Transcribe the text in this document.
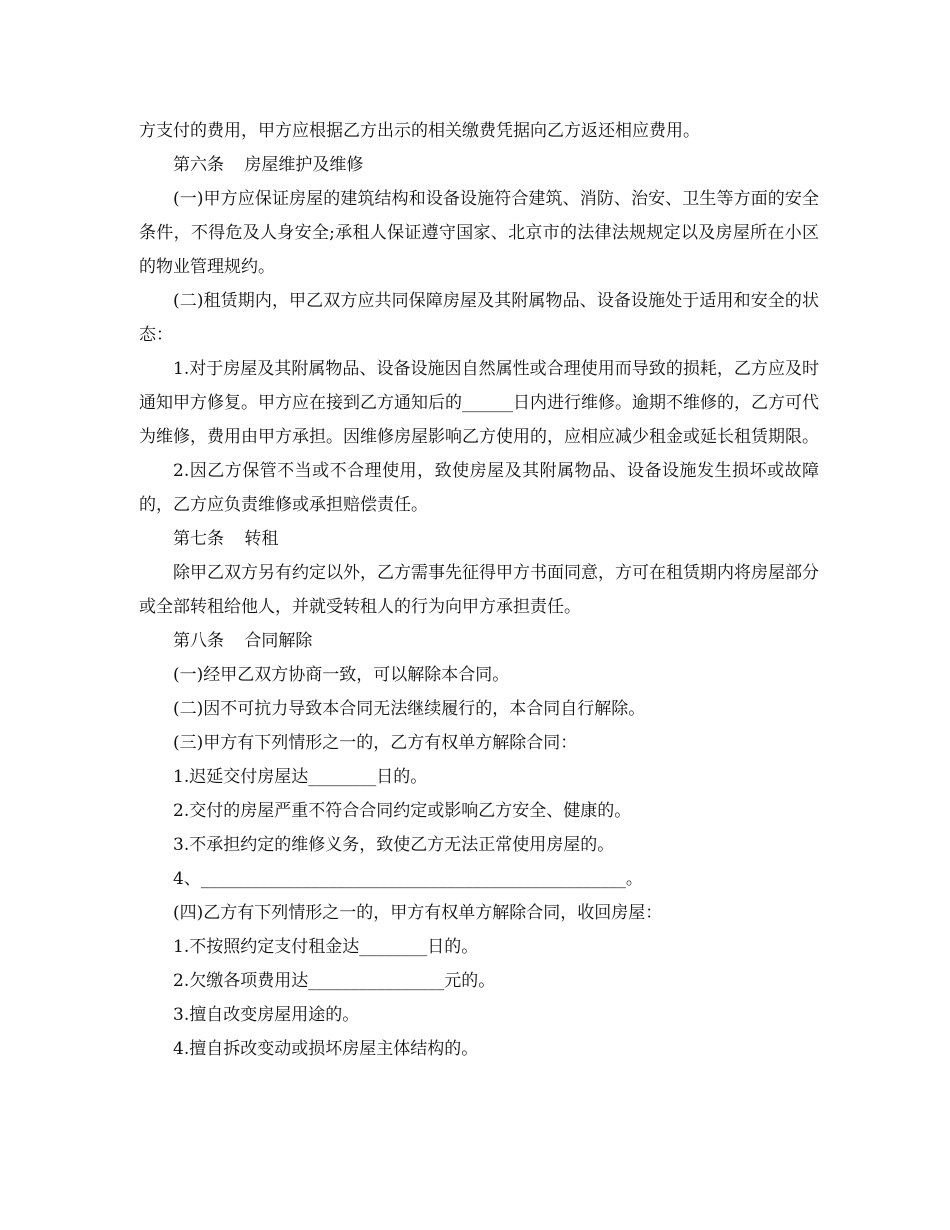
方支付的费用，甲方应根据乙方出示的相关缴费凭据向乙方返还相应费用。

第六条 房屋维护及维修

(一)甲方应保证房屋的建筑结构和设备设施符合建筑、消防、治安、卫生等方面的安全条件，不得危及人身安全;承租人保证遵守国家、北京市的法律法规规定以及房屋所在小区的物业管理规约。

(二)租赁期内，甲乙双方应共同保障房屋及其附属物品、设备设施处于适用和安全的状态：

1.对于房屋及其附属物品、设备设施因自然属性或合理使用而导致的损耗，乙方应及时通知甲方修复。甲方应在接到乙方通知后的______日内进行维修。逾期不维修的，乙方可代为维修，费用由甲方承担。因维修房屋影响乙方使用的，应相应减少租金或延长租赁期限。

2.因乙方保管不当或不合理使用，致使房屋及其附属物品、设备设施发生损坏或故障的，乙方应负责维修或承担赔偿责任。

第七条 转租

除甲乙双方另有约定以外，乙方需事先征得甲方书面同意，方可在租赁期内将房屋部分或全部转租给他人，并就受转租人的行为向甲方承担责任。

第八条 合同解除

(一)经甲乙双方协商一致，可以解除本合同。

(二)因不可抗力导致本合同无法继续履行的，本合同自行解除。

(三)甲方有下列情形之一的，乙方有权单方解除合同：

1.迟延交付房屋达________日的。

2.交付的房屋严重不符合合同约定或影响乙方安全、健康的。

3.不承担约定的维修义务，致使乙方无法正常使用房屋的。

4、__________________________________________________。

(四)乙方有下列情形之一的，甲方有权单方解除合同，收回房屋：

1.不按照约定支付租金达________日的。

2.欠缴各项费用达________________元的。

3.擅自改变房屋用途的。

4.擅自拆改变动或损坏房屋主体结构的。
